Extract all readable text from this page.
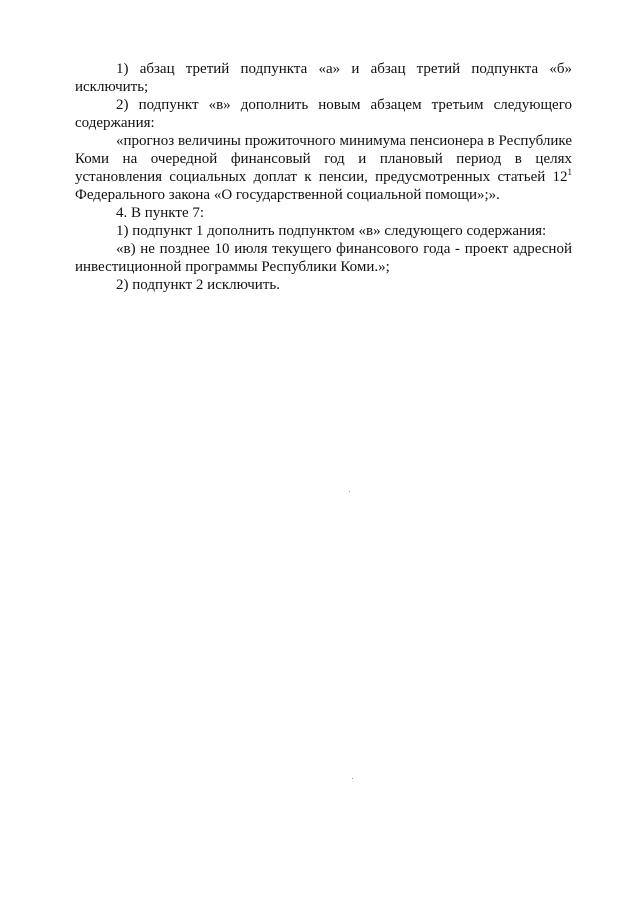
1) абзац третий подпункта «а» и абзац третий подпункта «б» исключить;

2) подпункт «в» дополнить новым абзацем третьим следующего содержания:

«прогноз величины прожиточного минимума пенсионера в Республике Коми на очередной финансовый год и плановый период в целях установления социальных доплат к пенсии, предусмотренных статьей $12^1$ Федерального закона «О государственной социальной помощи»;».

4. В пункте 7:

1) подпункт 1 дополнить подпунктом «в» следующего содержания:

«в) не позднее 10 июля текущего финансового года - проект адресной инвестиционной программы Республики Коми.»;

2) подпункт 2 исключить.
